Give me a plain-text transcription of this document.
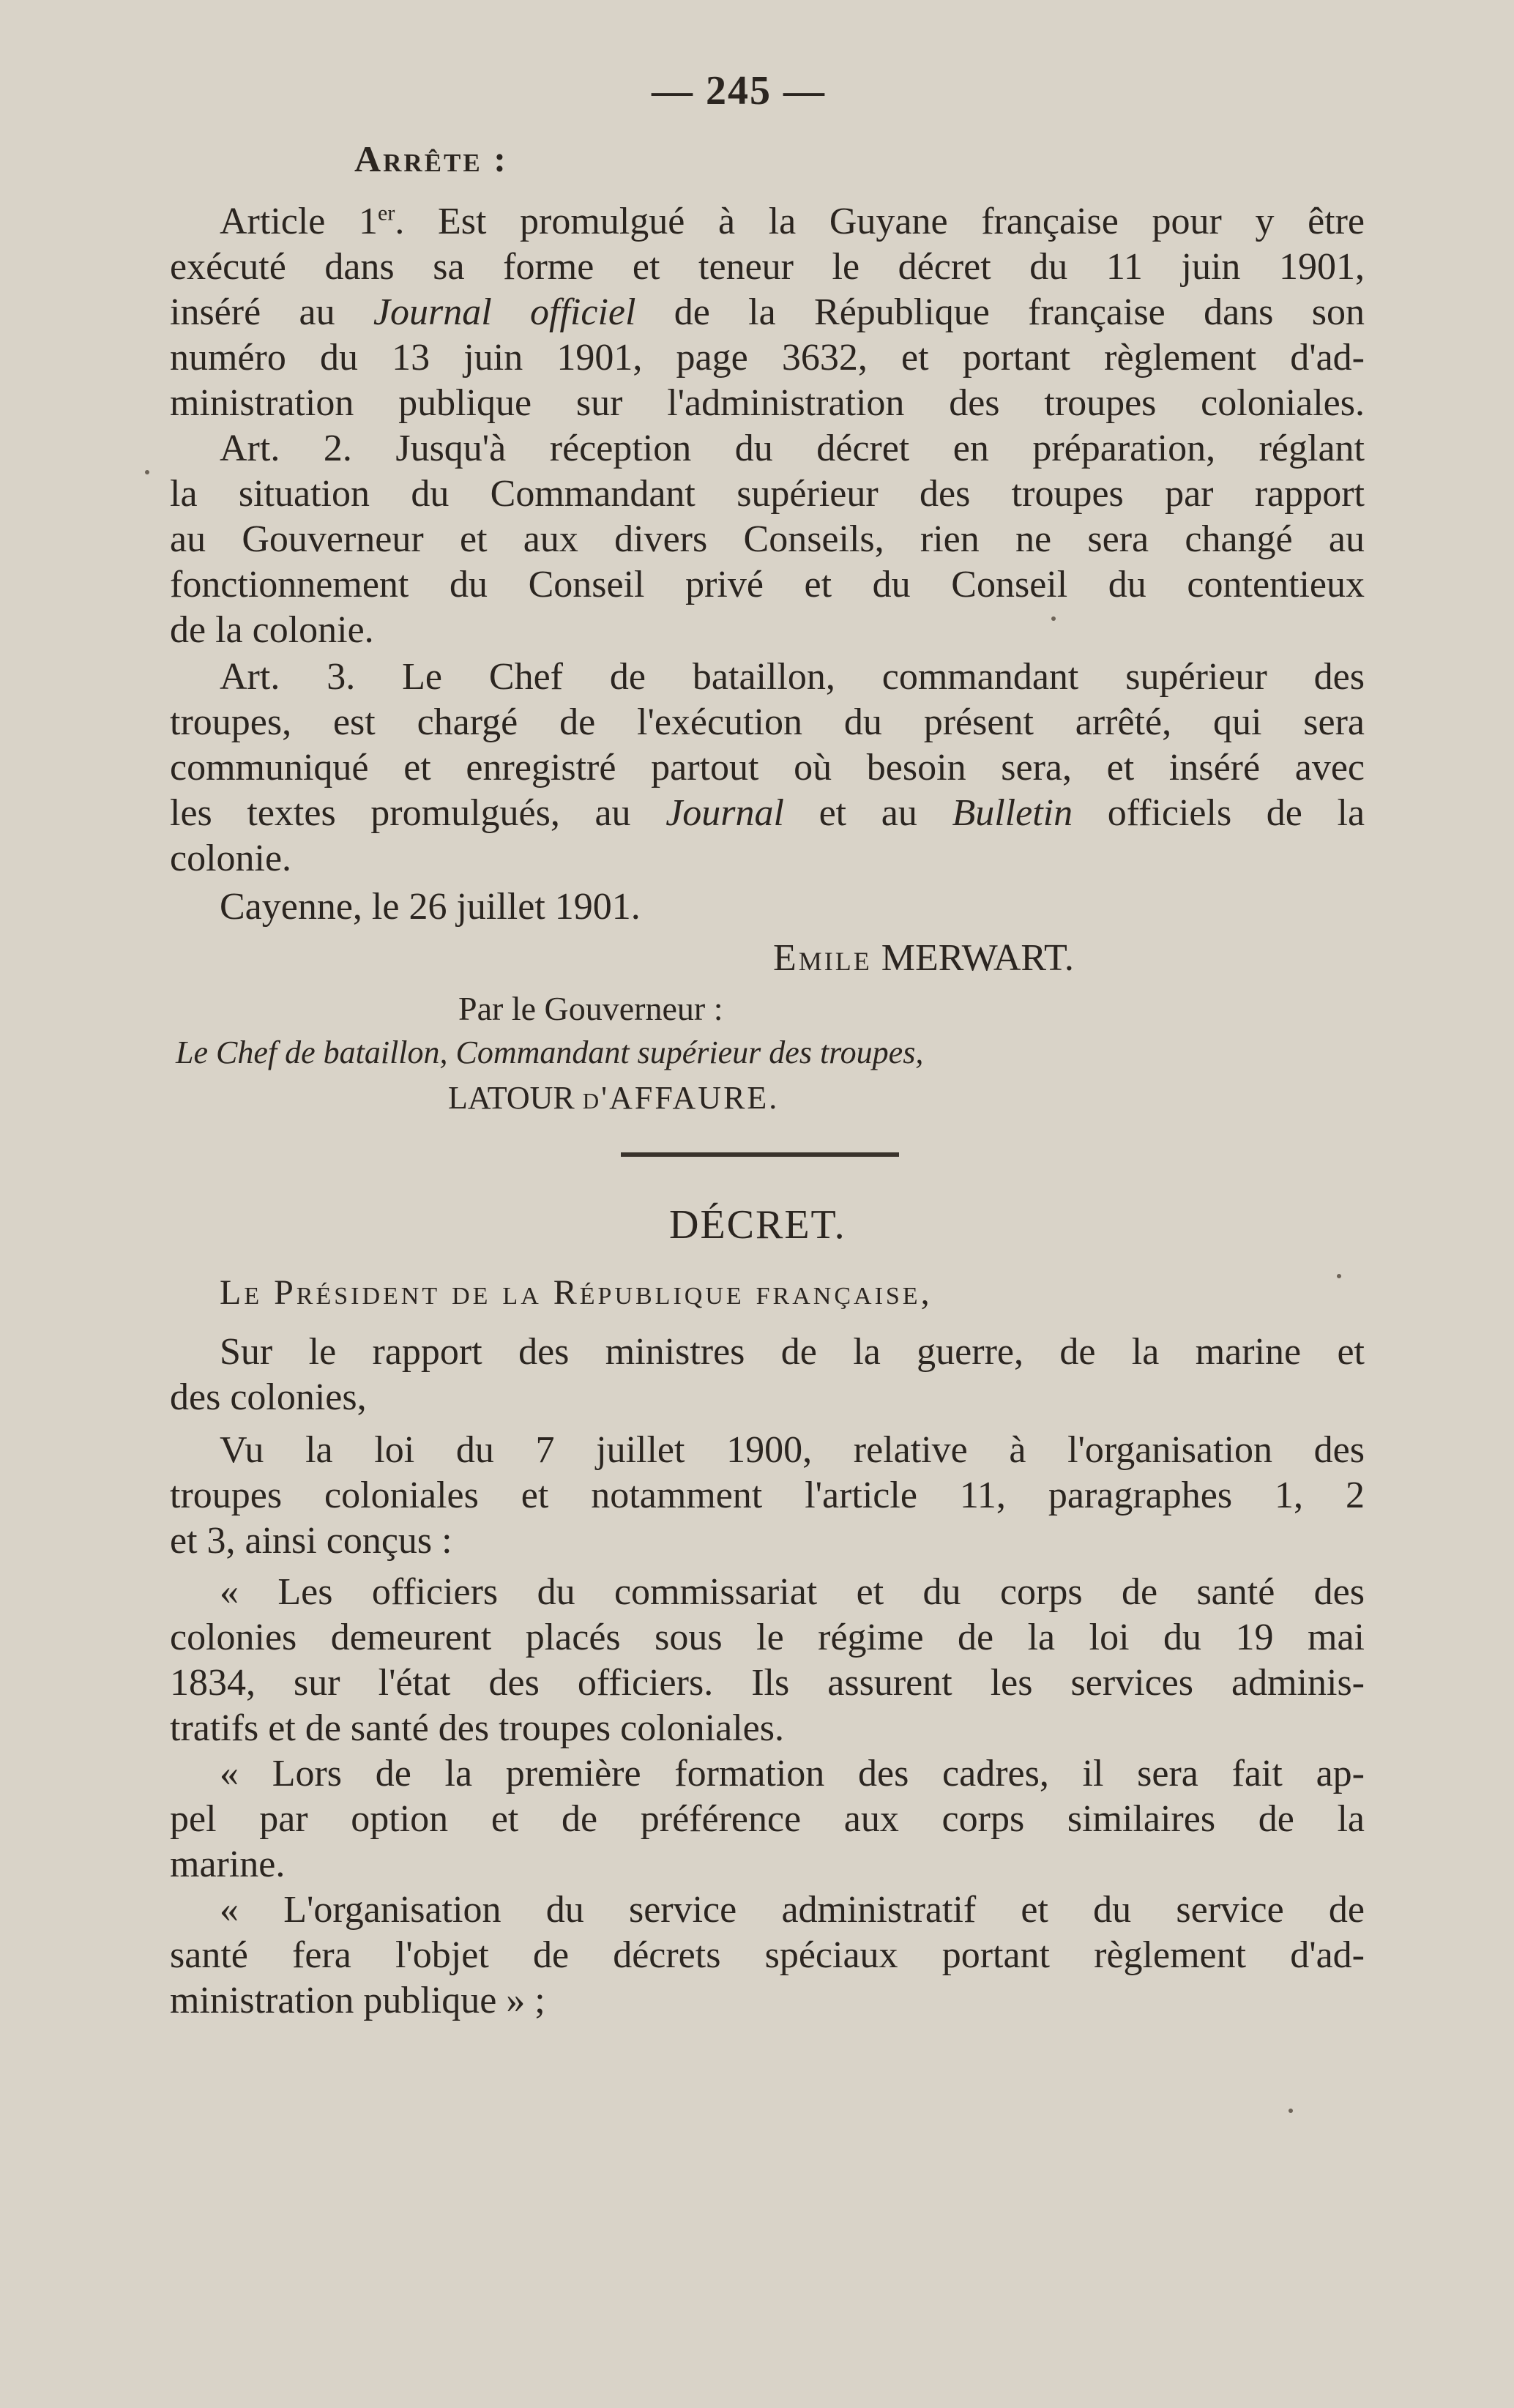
— 245 —

Arrête :

Article 1er. Est promulgué à la Guyane française pour y être

exécuté dans sa forme et teneur le décret du 11 juin 1901,

inséré au Journal officiel de la République française dans son

numéro du 13 juin 1901, page 3632, et portant règlement d'ad-

ministration publique sur l'administration des troupes coloniales.

Art. 2. Jusqu'à réception du décret en préparation, réglant

la situation du Commandant supérieur des troupes par rapport

au Gouverneur et aux divers Conseils, rien ne sera changé au

fonctionnement du Conseil privé et du Conseil du contentieux

de la colonie.

Art. 3. Le Chef de bataillon, commandant supérieur des

troupes, est chargé de l'exécution du présent arrêté, qui sera

communiqué et enregistré partout où besoin sera, et inséré avec

les textes promulgués, au Journal et au Bulletin officiels de la

colonie.

Cayenne, le 26 juillet 1901.

Emile MERWART.

Par le Gouverneur :

Le Chef de bataillon, Commandant supérieur des troupes,

LATOUR d'AFFAURE.

DÉCRET.

Le Président de la République française,

Sur le rapport des ministres de la guerre, de la marine et

des colonies,

Vu la loi du 7 juillet 1900, relative à l'organisation des

troupes coloniales et notamment l'article 11, paragraphes 1, 2

et 3, ainsi conçus :

« Les officiers du commissariat et du corps de santé des

colonies demeurent placés sous le régime de la loi du 19 mai

1834, sur l'état des officiers. Ils assurent les services adminis-

tratifs et de santé des troupes coloniales.

« Lors de la première formation des cadres, il sera fait ap-

pel par option et de préférence aux corps similaires de la

marine.

« L'organisation du service administratif et du service de

santé fera l'objet de décrets spéciaux portant règlement d'ad-

ministration publique » ;
